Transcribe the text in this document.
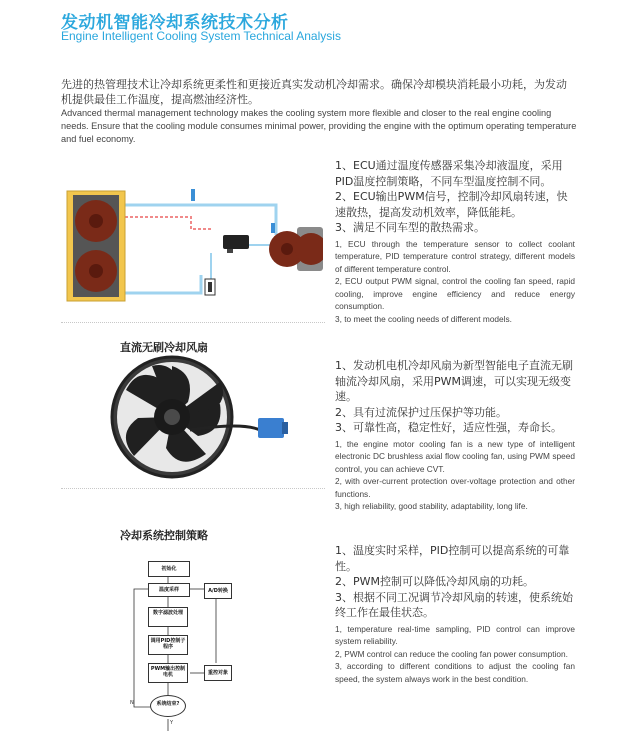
发动机智能冷却系统技术分析
Engine Intelligent Cooling System Technical Analysis
先进的热管理技术让冷却系统更柔性和更接近真实发动机冷却需求。确保冷却模块消耗最小功耗，为发动机提供最佳工作温度，提高燃油经济性。
Advanced thermal management technology makes the cooling system more flexible and closer to the real engine cooling needs. Ensure that the cooling module consumes minimal power, providing the engine with the optimum operating temperature and fuel economy.

1、ECU通过温度传感器采集冷却液温度，采用PID温度控制策略，不同车型温度控制不同。

2、ECU输出PWM信号，控制冷却风扇转速，快速散热，提高发动机效率，降低能耗。

3、满足不同车型的散热需求。

1, ECU through the temperature sensor to collect coolant temperature, PID temperature control strategy, different models of different temperature control.

2, ECU output PWM signal, control the cooling fan speed, rapid cooling, improve engine efficiency and reduce energy consumption.

3, to meet the cooling needs of different models.

直流无刷冷却风扇

1、发动机电机冷却风扇为新型智能电子直流无刷轴流冷却风扇，采用PWM调速，可以实现无级变速。

2、具有过流保护过压保护等功能。

3、可靠性高，稳定性好，适应性强，寿命长。

1, the engine motor cooling fan is a new type of intelligent electronic DC brushless axial flow cooling fan, using PWM speed control, you can achieve CVT.

2, with over-current protection over-voltage protection and other functions.

3, high reliability, good stability, adaptability, long life.

冷却系统控制策略
初始化
温度采样
数字滤波处理
调用PID控制子程序
PWM输出控制电机
A/D转换
重控对象
系统结束?
N
Y

1、温度实时采样，PID控制可以提高系统的可靠性。

2、PWM控制可以降低冷却风扇的功耗。

3、根据不同工况调节冷却风扇的转速，使系统始终工作在最佳状态。

1, temperature real-time sampling, PID control can improve system reliability.

2, PWM control can reduce the cooling fan power consumption.

3, according to different conditions to adjust the cooling fan speed, the system always work in the best condition.
